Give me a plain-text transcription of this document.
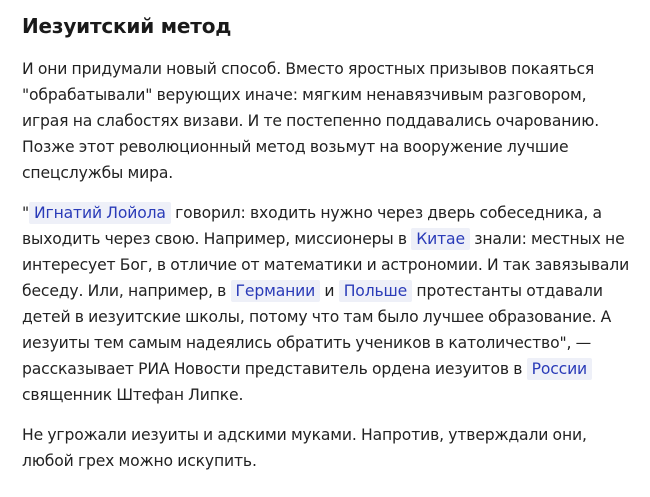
Иезуитский метод

И они придумали новый способ. Вместо яростных призывов покаяться "обрабатывали" верующих иначе: мягким ненавязчивым разговором, играя на слабостях визави. И те постепенно поддавались очарованию. Позже этот революционный метод возьмут на вооружение лучшие спецслужбы мира.

" Игнатий Лойола говорил: входить нужно через дверь собеседника, а выходить через свою. Например, миссионеры в Китае знали: местных не интересует Бог, в отличие от математики и астрономии. И так завязывали беседу. Или, например, в Германии и Польше протестанты отдавали детей в иезуитские школы, потому что там было лучшее образование. А иезуиты тем самым надеялись обратить учеников в католичество", — рассказывает РИА Новости представитель ордена иезуитов в России священник Штефан Липке.

Не угрожали иезуиты и адскими муками. Напротив, утверждали они, любой грех можно искупить.
